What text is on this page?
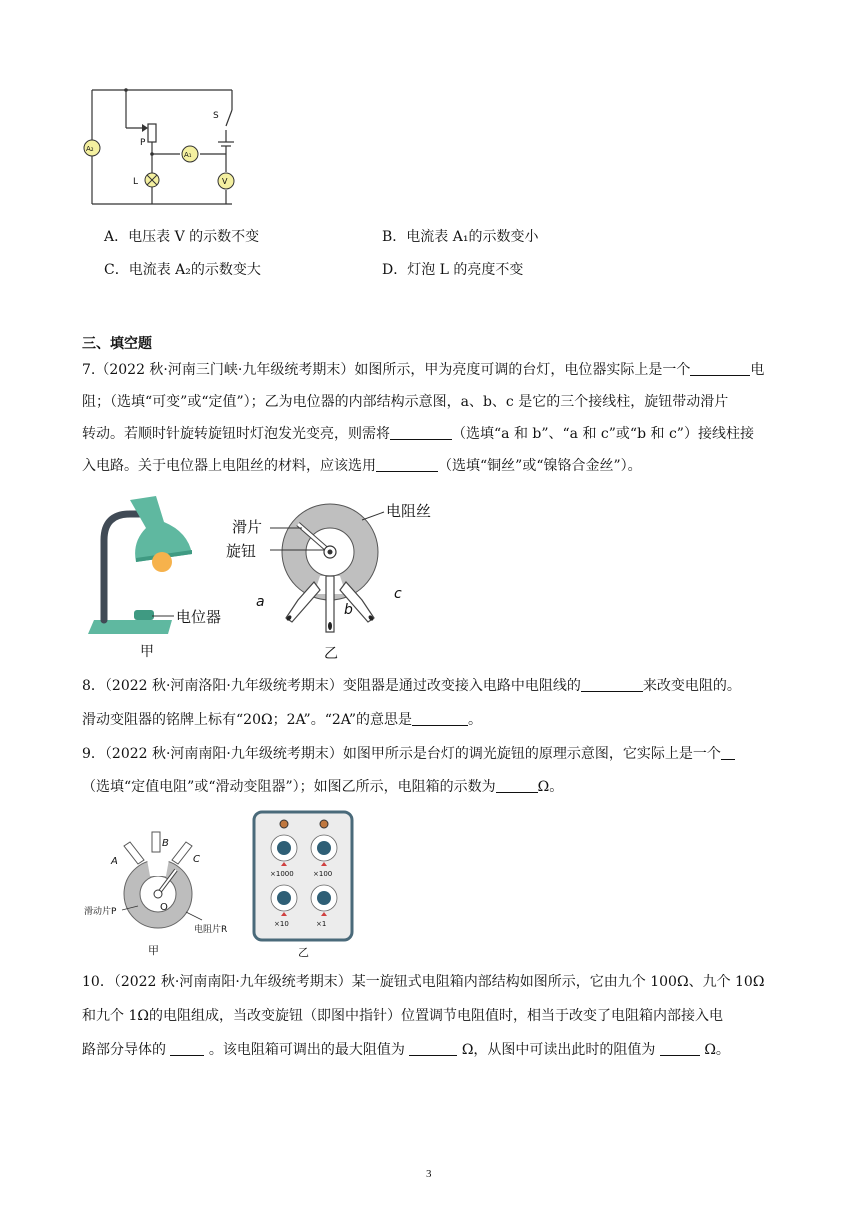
S
P
A₁
A₂
L	V
A．电压表 V 的示数不变	B．电流表 A₁的示数变小
C．电流表 A₂的示数变大	D．灯泡 L 的亮度不变
三、填空题
7.（2022 秋·河南三门峡·九年级统考期末）如图所示，甲为亮度可调的台灯，电位器实际上是一个	电
阻；（选填“可变”或“定值”）；乙为电位器的内部结构示意图，a、b、c 是它的三个接线柱，旋钮带动滑片
转动。若顺时针旋转旋钮时灯泡发光变亮，则需将	（选填“a 和 b”、“a 和 c”或“b 和 c”）接线柱接
入电路。关于电位器上电阻丝的材料，应该选用	（选填“铜丝”或“镍铬合金丝”）。
电位器
甲
滑片
旋钮
电阻丝
a	b
c
乙
8．（2022 秋·河南洛阳·九年级统考期末）变阻器是通过改变接入电路中电阻线的	来改变电阻的。
滑动变阻器的铭牌上标有“20Ω；2A”。“2A”的意思是	。
9．（2022 秋·河南南阳·九年级统考期末）如图甲所示是台灯的调光旋钮的原理示意图，它实际上是一个
（选填“定值电阻”或“滑动变阻器”）；如图乙所示，电阻箱的示数为	Ω。
A
B
C
O
滑动片P
电阻片R
甲
×1000	×100
×10	×1
乙
10．（2022 秋·河南南阳·九年级统考期末）某一旋钮式电阻箱内部结构如图所示，它由九个 100Ω、九个 10Ω
和九个 1Ω的电阻组成，当改变旋钮（即图中指针）位置调节电阻值时，相当于改变了电阻箱内部接入电
路部分导体的	。该电阻箱可调出的最大阻值为	Ω，从图中可读出此时的阻值为	Ω。
3
